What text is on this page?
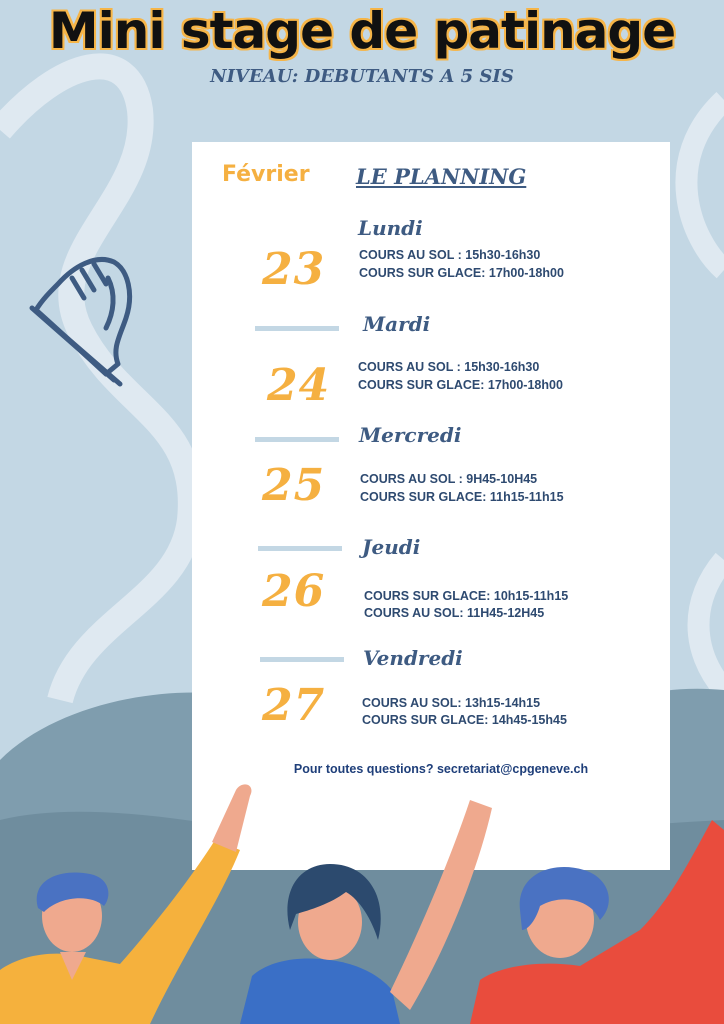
Mini stage de patinage
NIVEAU: DEBUTANTS A 5 SIS
Février LE PLANNING
Lundi
23	COURS AU SOL : 15h30-16h30
COURS SUR GLACE: 17h00-18h00
Mardi
24 COURS AU SOL : 15h30-16h30
COURS SUR GLACE: 17h00-18h00
Mercredi
25	COURS AU SOL : 9H45-10H45
COURS SUR GLACE: 11h15-11h15
Jeudi
26	COURS SUR GLACE: 10h15-11h15
COURS AU SOL: 11H45-12H45
Vendredi
27	COURS AU SOL: 13h15-14h15
COURS SUR GLACE: 14h45-15h45
Pour toutes questions? secretariat@cpgeneve.ch
